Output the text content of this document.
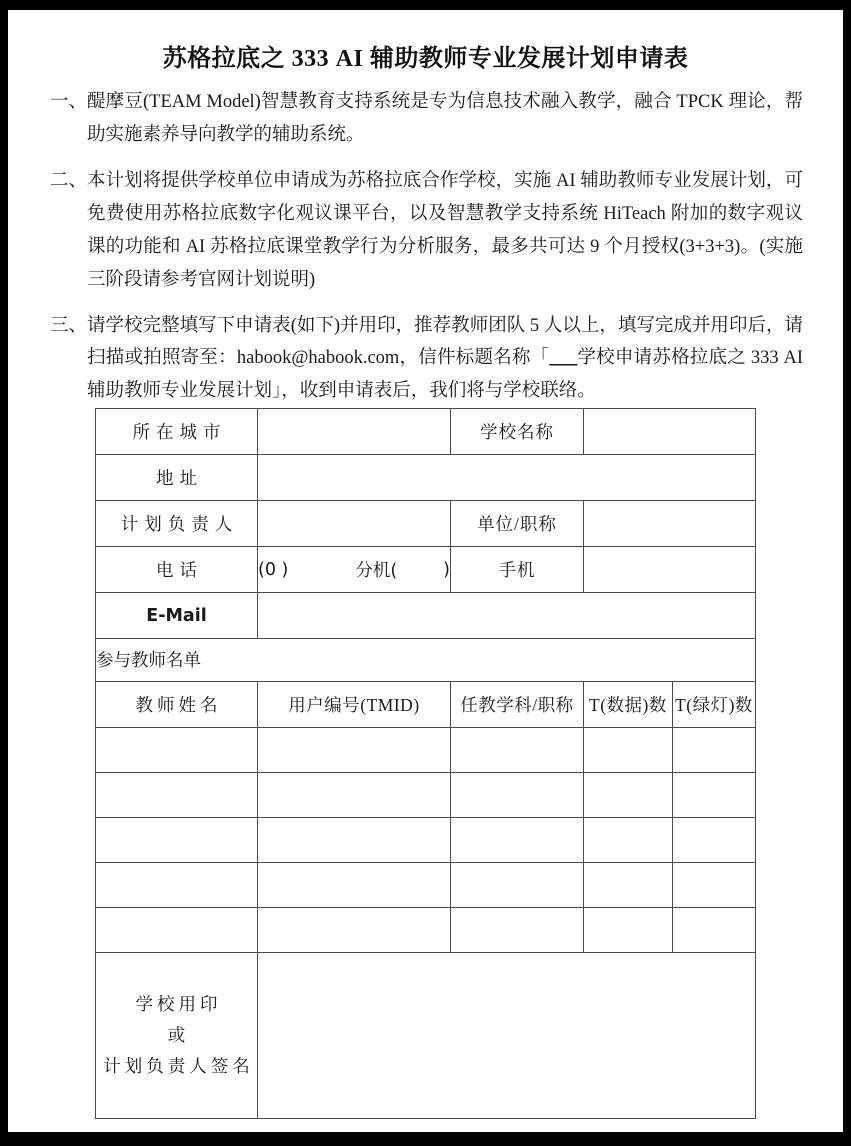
苏格拉底之 333 AI 辅助教师专业发展计划申请表
一、 醍摩豆(TEAM Model)智慧教育支持系统是专为信息技术融入教学，融合 TPCK 理论，帮助实施素养导向教学的辅助系统。
二、 本计划将提供学校单位申请成为苏格拉底合作学校，实施 AI 辅助教师专业发展计划，可免费使用苏格拉底数字化观议课平台，以及智慧教学支持系统 HiTeach 附加的数字观议课的功能和 AI 苏格拉底课堂教学行为分析服务，最多共可达 9 个月授权(3+3+3)。(实施三阶段请参考官网计划说明)
三、 请学校完整填写下申请表(如下)并用印，推荐教师团队 5 人以上，填写完成并用印后，请扫描或拍照寄至：habook@habook.com，信件标题名称「___学校申请苏格拉底之 333 AI 辅助教师专业发展计划」，收到申请表后，我们将与学校联络。
所在城市		学校名称	
地址			
计划负责人		单位/职称	
电话	(0 ) 分机( )	手机	
E-Mail			
参与教师名单				
教师姓名	用户编号(TMID)	任教学科/职称	T(数据)数	T(绿灯)数

学校用印
或
计划负责人签名				
